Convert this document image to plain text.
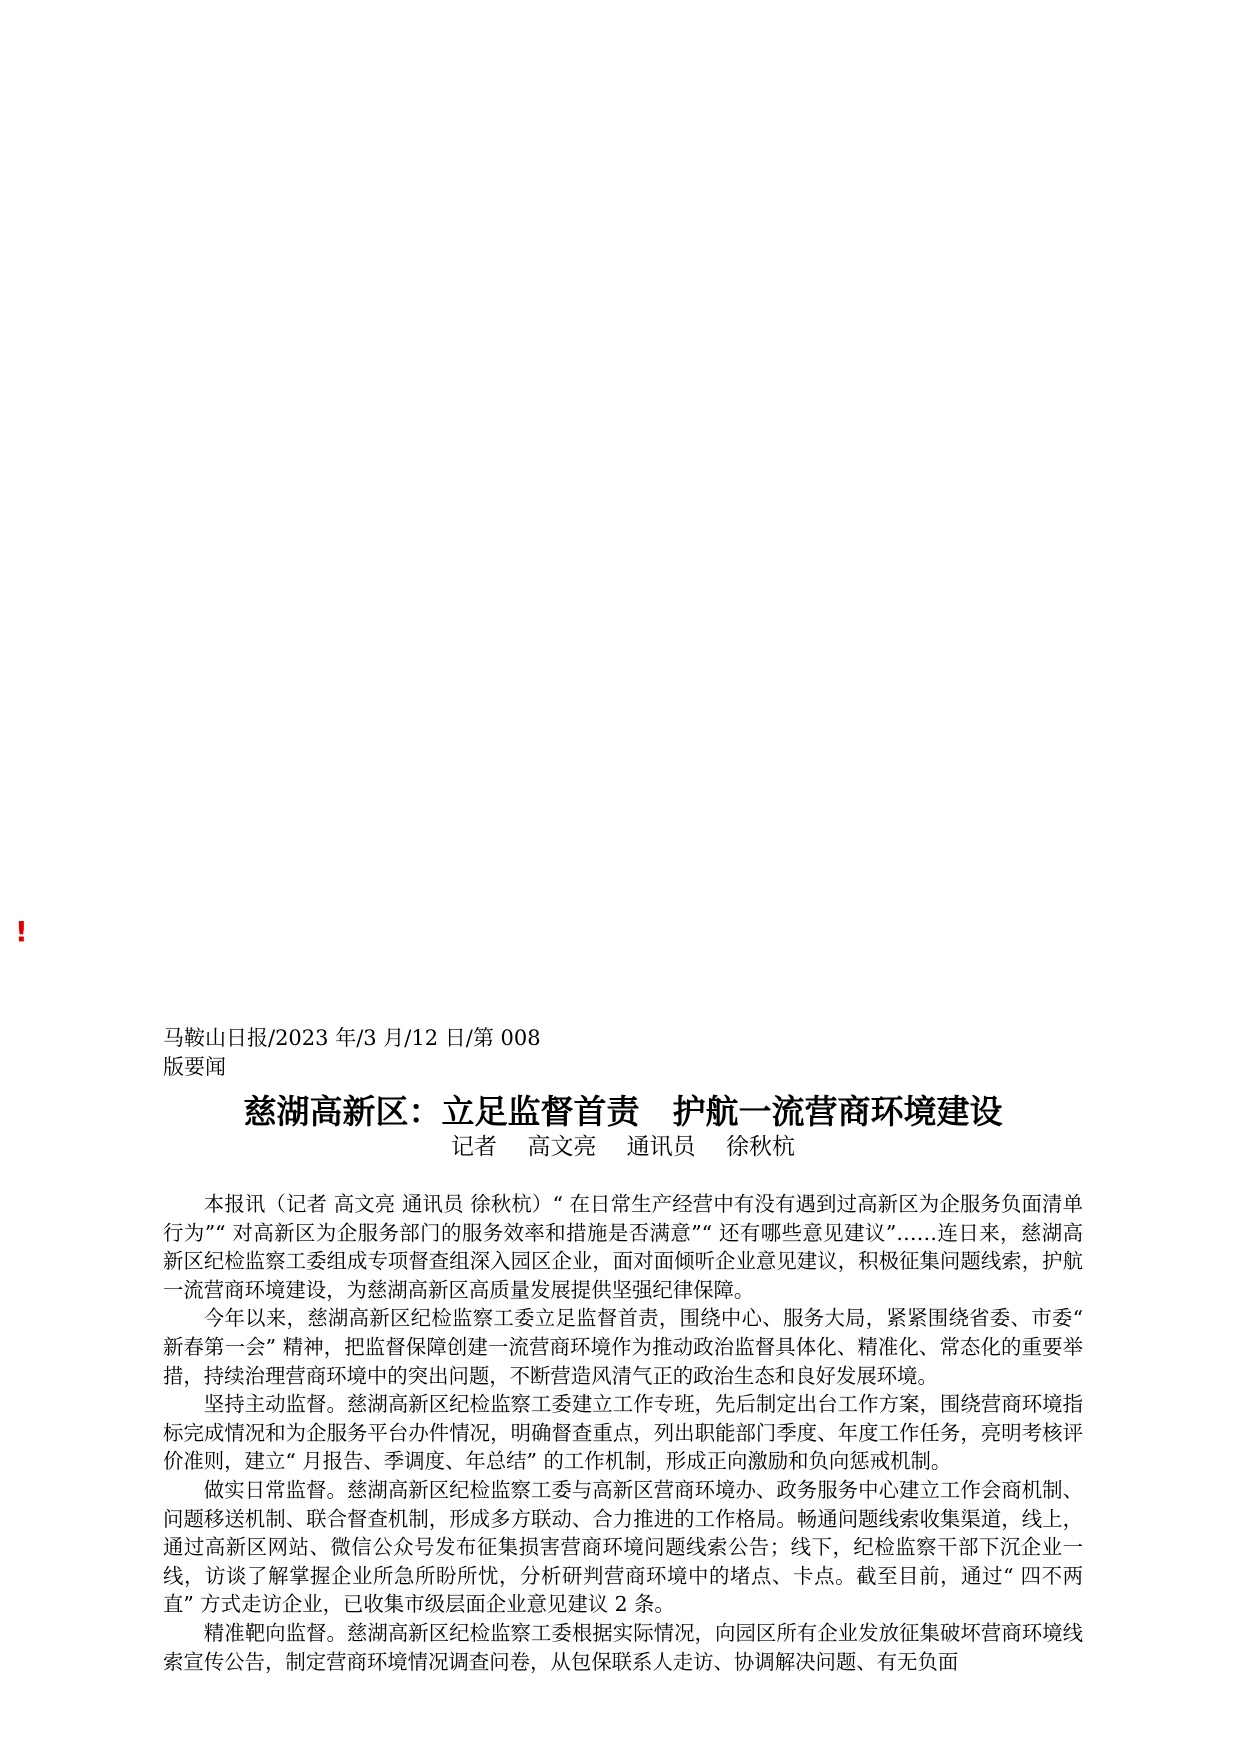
!

马鞍山日报/2023 年/3 月/12 日/第 008

版要闻

慈湖高新区：立足监督首责　护航一流营商环境建设

记者　 高文亮　 通讯员　 徐秋杭

本报讯（记者 高文亮 通讯员 徐秋杭）“ 在日常生产经营中有没有遇到过高新区为企服务负面清单行为”“ 对高新区为企服务部门的服务效率和措施是否满意”“ 还有哪些意见建议”……连日来，慈湖高新区纪检监察工委组成专项督查组深入园区企业，面对面倾听企业意见建议，积极征集问题线索，护航一流营商环境建设，为慈湖高新区高质量发展提供坚强纪律保障。

今年以来，慈湖高新区纪检监察工委立足监督首责，围绕中心、服务大局，紧紧围绕省委、市委“ 新春第一会” 精神，把监督保障创建一流营商环境作为推动政治监督具体化、精准化、常态化的重要举措，持续治理营商环境中的突出问题，不断营造风清气正的政治生态和良好发展环境。

坚持主动监督。慈湖高新区纪检监察工委建立工作专班，先后制定出台工作方案，围绕营商环境指标完成情况和为企服务平台办件情况，明确督查重点，列出职能部门季度、年度工作任务，亮明考核评价准则，建立“ 月报告、季调度、年总结” 的工作机制，形成正向激励和负向惩戒机制。

做实日常监督。慈湖高新区纪检监察工委与高新区营商环境办、政务服务中心建立工作会商机制、问题移送机制、联合督查机制，形成多方联动、合力推进的工作格局。畅通问题线索收集渠道，线上，通过高新区网站、微信公众号发布征集损害营商环境问题线索公告；线下，纪检监察干部下沉企业一线，访谈了解掌握企业所急所盼所忧，分析研判营商环境中的堵点、卡点。截至目前，通过“ 四不两直” 方式走访企业，已收集市级层面企业意见建议 2 条。

精准靶向监督。慈湖高新区纪检监察工委根据实际情况，向园区所有企业发放征集破坏营商环境线索宣传公告，制定营商环境情况调查问卷，从包保联系人走访、协调解决问题、有无负面
